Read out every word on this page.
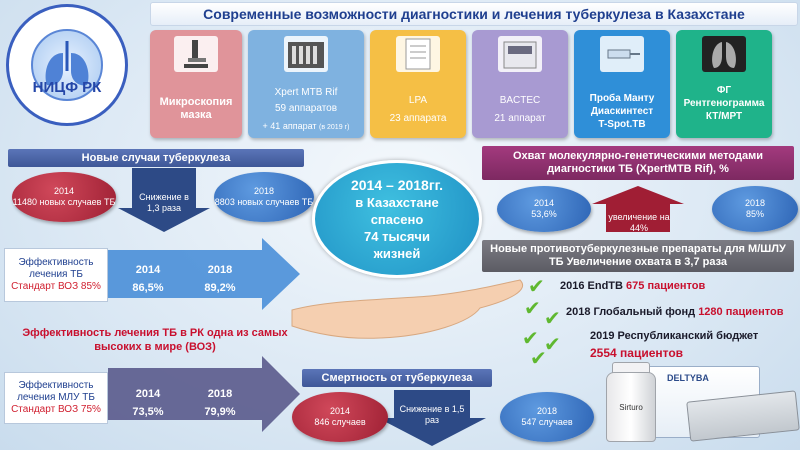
Современные возможности диагностики и лечения туберкулеза в Казахстане
НИЦФ РК
Микроскопия мазка
Xpert MTB Rif
59 аппаратов
+ 41 аппарат (в 2019 г)
LPA
23 аппарата
BACTEC
21 аппарат
Проба Манту
Диаскинтест
T-Spot.TB
ФГ
Рентгенограмма
КТ/МРТ
Новые случаи туберкулеза
2014
11480 новых случаев ТБ	Снижение в 1,3 раза
2018
8803 новых случаев ТБ
2014 – 2018гг.
в Казахстане
спасено
74 тысячи
жизней
Охват молекулярно-генетическими методами диагностики ТБ (XpertMTB Rif), %
2014
53,6%	увеличение на 44%
2018
85%
Эффективность лечения ТБ
Стандарт ВОЗ 85%
2014
86,5%
2018
89,2%
Эффективность лечения ТБ в РК одна из самых высоких в мире (ВОЗ)
Эффективность лечения МЛУ ТБ
Стандарт ВОЗ 75%
2014
73,5%
2018
79,9%
Новые противотуберкулезные препараты для М/ШЛУ ТБ Увеличение охвата в 3,7 раза
✔ 2016 EndTB 675 пациентов
✔ ✔ 2018 Глобальный фонд 1280 пациентов
✔ ✔
✔
2019 Республиканский бюджет
2554 пациентов
DELTYBA
Sirturo
Смертность от туберкулеза
2014
846 случаев
Снижение в 1,5 раз
2018
547 случаев
